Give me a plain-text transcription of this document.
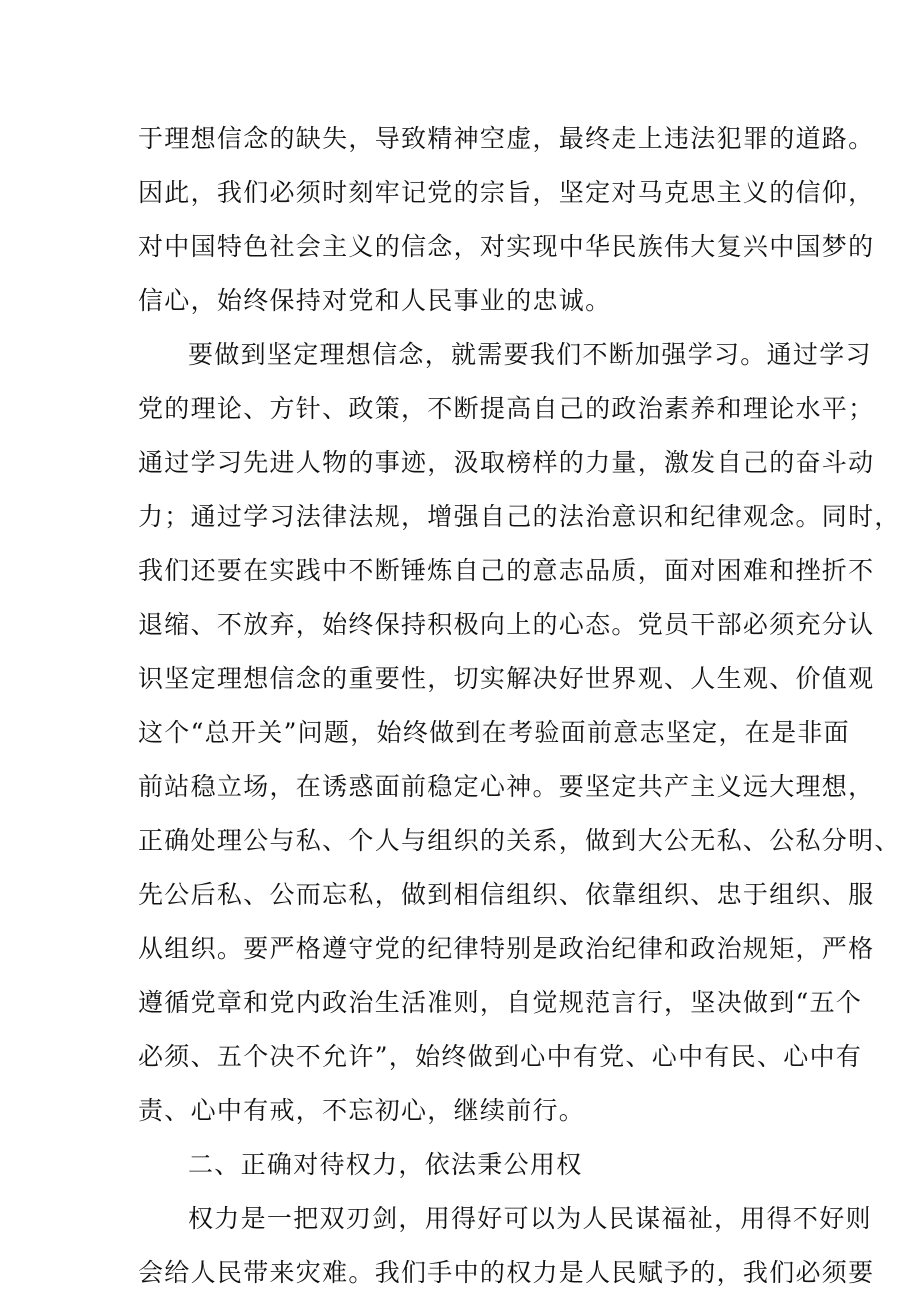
于理想信念的缺失，导致精神空虚，最终走上违法犯罪的道路。
因此，我们必须时刻牢记党的宗旨，坚定对马克思主义的信仰，
对中国特色社会主义的信念，对实现中华民族伟大复兴中国梦的
信心，始终保持对党和人民事业的忠诚。
要做到坚定理想信念，就需要我们不断加强学习。通过学习
党的理论、方针、政策，不断提高自己的政治素养和理论水平；
通过学习先进人物的事迹，汲取榜样的力量，激发自己的奋斗动
力；通过学习法律法规，增强自己的法治意识和纪律观念。同时，
我们还要在实践中不断锤炼自己的意志品质，面对困难和挫折不
退缩、不放弃，始终保持积极向上的心态。党员干部必须充分认
识坚定理想信念的重要性，切实解决好世界观、人生观、价值观
这个“总开关”问题，始终做到在考验面前意志坚定，在是非面
前站稳立场，在诱惑面前稳定心神。要坚定共产主义远大理想，
正确处理公与私、个人与组织的关系，做到大公无私、公私分明、
先公后私、公而忘私，做到相信组织、依靠组织、忠于组织、服
从组织。要严格遵守党的纪律特别是政治纪律和政治规矩，严格
遵循党章和党内政治生活准则，自觉规范言行，坚决做到“五个
必须、五个决不允许”，始终做到心中有党、心中有民、心中有
责、心中有戒，不忘初心，继续前行。
二、正确对待权力，依法秉公用权
权力是一把双刃剑，用得好可以为人民谋福祉，用得不好则
会给人民带来灾难。我们手中的权力是人民赋予的，我们必须要
